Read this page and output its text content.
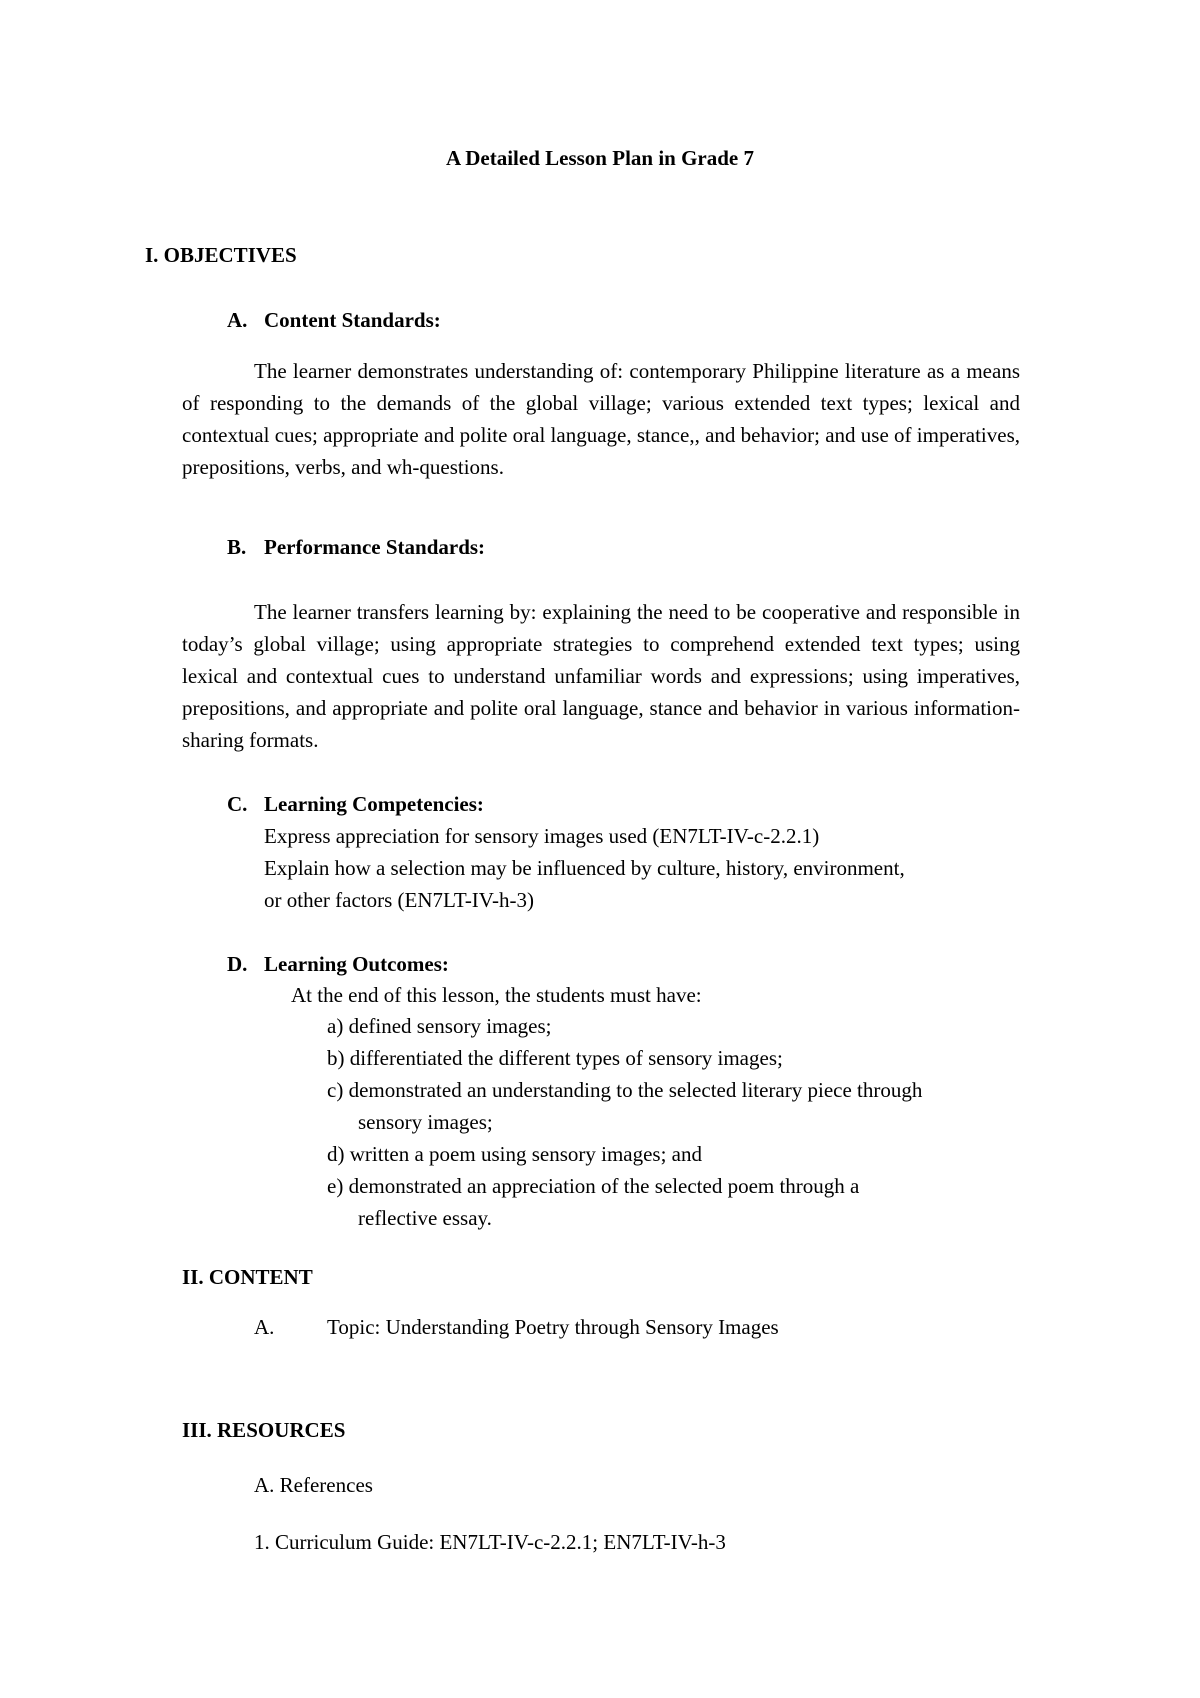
A Detailed Lesson Plan in Grade 7
I. OBJECTIVES
A. Content Standards:
The learner demonstrates understanding of: contemporary Philippine literature as a means of responding to the demands of the global village; various extended text types; lexical and contextual cues; appropriate and polite oral language, stance,, and behavior; and use of imperatives, prepositions, verbs, and wh-questions.
B. Performance Standards:
The learner transfers learning by: explaining the need to be cooperative and responsible in today’s global village; using appropriate strategies to comprehend extended text types; using lexical and contextual cues to understand unfamiliar words and expressions; using imperatives, prepositions, and appropriate and polite oral language, stance and behavior in various information-sharing formats.
C. Learning Competencies:
Express appreciation for sensory images used (EN7LT-IV-c-2.2.1)
Explain how a selection may be influenced by culture, history, environment,
or other factors (EN7LT-IV-h-3)
D. Learning Outcomes:
At the end of this lesson, the students must have:
a) defined sensory images;
b) differentiated the different types of sensory images;
c) demonstrated an understanding to the selected literary piece through
sensory images;
d) written a poem using sensory images; and
e) demonstrated an appreciation of the selected poem through a
reflective essay.
II. CONTENT
A.	Topic: Understanding Poetry through Sensory Images
III. RESOURCES
A. References
1. Curriculum Guide: EN7LT-IV-c-2.2.1; EN7LT-IV-h-3
